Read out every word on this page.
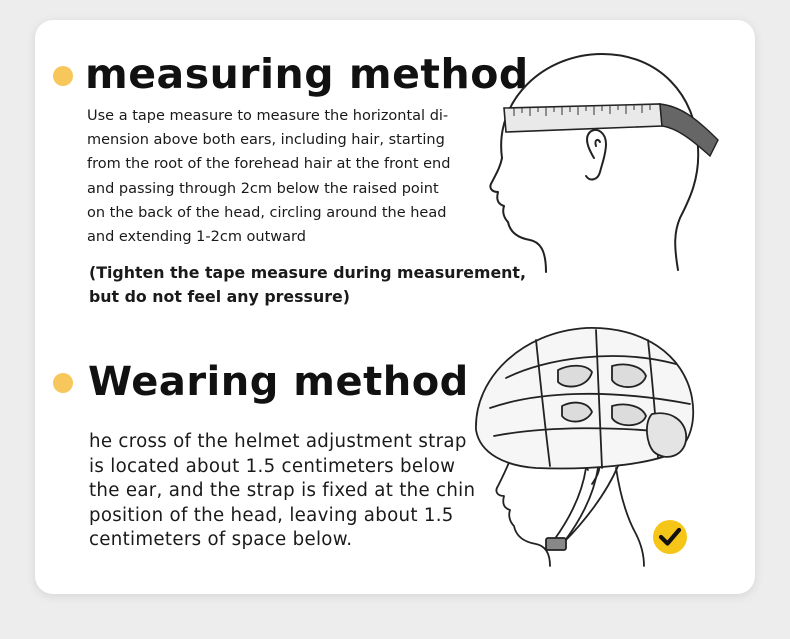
measuring method
Use a tape measure to measure the horizontal di-
mension above both ears, including hair, starting
from the root of the forehead hair at the front end
and passing through 2cm below the raised point
on the back of the head, circling around the head
and extending 1-2cm outward
(Tighten the tape measure during measurement,
but do not feel any pressure)
Wearing method
he cross of the helmet adjustment strap
is located about 1.5 centimeters below
the ear, and the strap is fixed at the chin
position of the head, leaving about 1.5
centimeters of space below.
